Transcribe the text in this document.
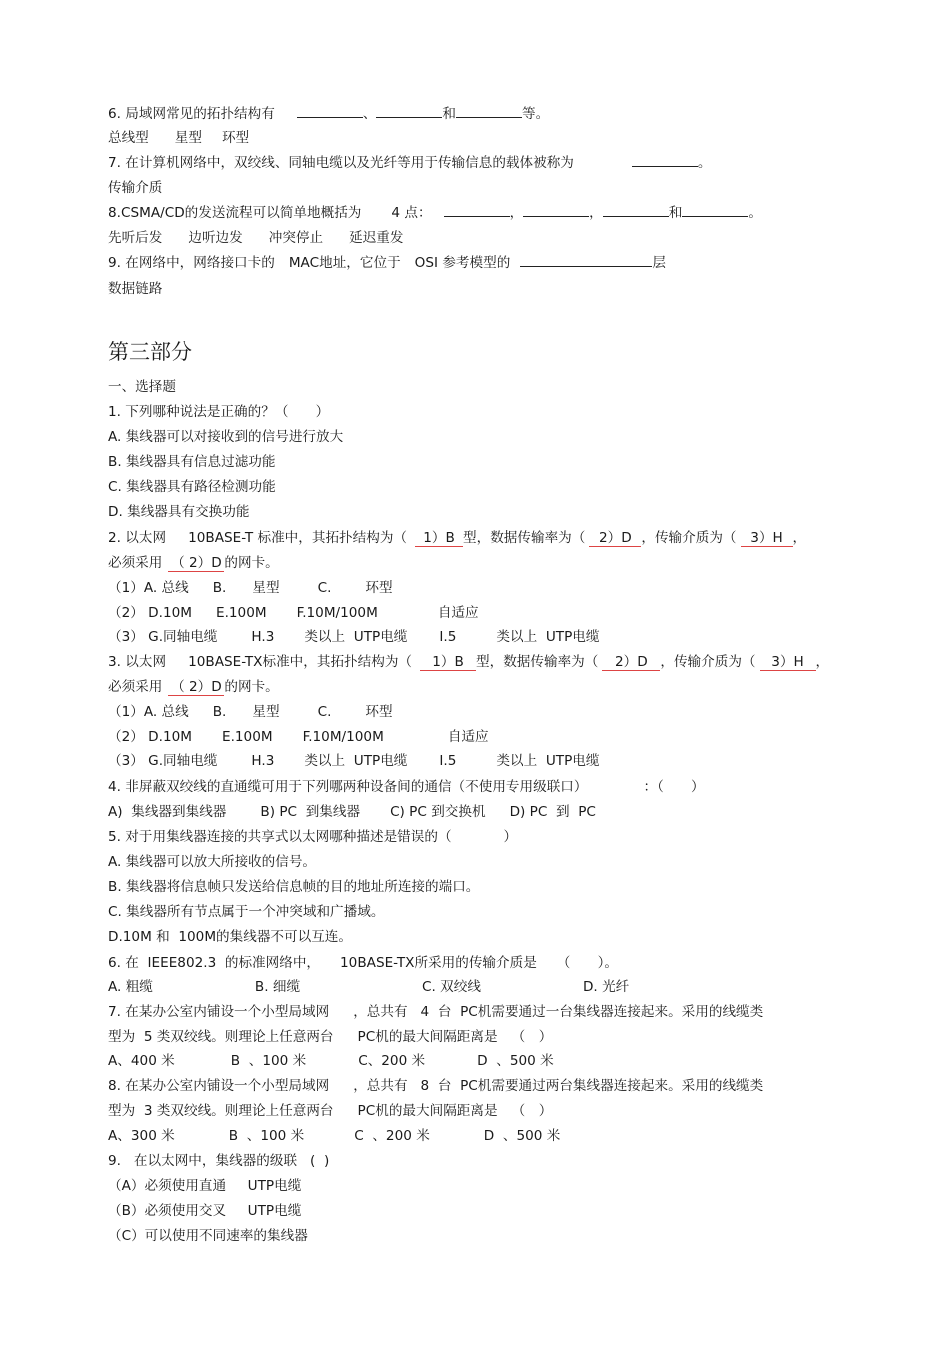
6. 局域网常见的拓扑结构有	、	和	等。
总线型 星型 环型
7. 在计算机网络中，双绞线、同轴电缆以及光纤等用于传输信息的载体被称为	。
传输介质
8.CSMA/CD的发送流程可以简单地概括为 4 点：	，	，	和	。
先听后发 边听边发 冲突停止 延迟重发
9. 在网络中，网络接口卡的 MAC地址，它位于 OSI 参考模型的	层
数据链路
第三部分
一、选择题
1. 下列哪种说法是正确的？（　　）
A. 集线器可以对接收到的信号进行放大
B. 集线器具有信息过滤功能
C. 集线器具有路径检测功能
D. 集线器具有交换功能
2. 以太网 10BASE-T 标准中，其拓扑结构为（ 1）B 型，数据传输率为（ 2）D ，传输介质为（ 3）H ，
必须采用 （ 2）D 的网卡。
（1）A. 总线 B. 星型	C.	环型
（2） D.10M E.100M F.10M/100M	自适应
（3） G.同轴电缆	H.3 类以上  UTP电缆 I.5	类以上  UTP电缆
3. 以太网 10BASE-TX标准中，其拓扑结构为（ 1）B 型，数据传输率为（ 2）D ，传输介质为（ 3）H ，
必须采用 （ 2）D 的网卡。
（1）A. 总线 B. 星型	C.	环型
（2） D.10M E.100M F.10M/100M	自适应
（3） G.同轴电缆	H.3 类以上  UTP电缆 I.5	类以上  UTP电缆
4. 非屏蔽双绞线的直通缆可用于下列哪两种设备间的通信（不使用专用级联口）	：（　　）
A)  集线器到集线器	B) PC  到集线器 C) PC 到交换机 D) PC  到  PC
5. 对于用集线器连接的共享式以太网哪种描述是错误的（	）
A. 集线器可以放大所接收的信号。
B. 集线器将信息帧只发送给信息帧的目的地址所连接的端口。
C. 集线器所有节点属于一个冲突域和广播域。
D.10M 和  100M的集线器不可以互连。
6. 在  IEEE802.3  的标准网络中， 10BASE-TX所采用的传输介质是 （　　）。
A. 粗缆	B. 细缆	C. 双绞线	D. 光纤
7. 在某办公室内铺设一个小型局域网 ，总共有   4  台  PC机需要通过一台集线器连接起来。采用的线缆类
型为  5 类双绞线。则理论上任意两台 PC机的最大间隔距离是 （　）
A、400 米	B  、100 米	C、200 米	D  、500 米
8. 在某办公室内铺设一个小型局域网 ，总共有   8  台  PC机需要通过两台集线器连接起来。采用的线缆类
型为  3 类双绞线。则理论上任意两台 PC机的最大间隔距离是 （　）
A、300 米	B  、100 米	C  、200 米	D  、500 米
9.   在以太网中，集线器的级联   (  )
（A）必须使用直通     UTP电缆
（B）必须使用交叉     UTP电缆
（C）可以使用不同速率的集线器
